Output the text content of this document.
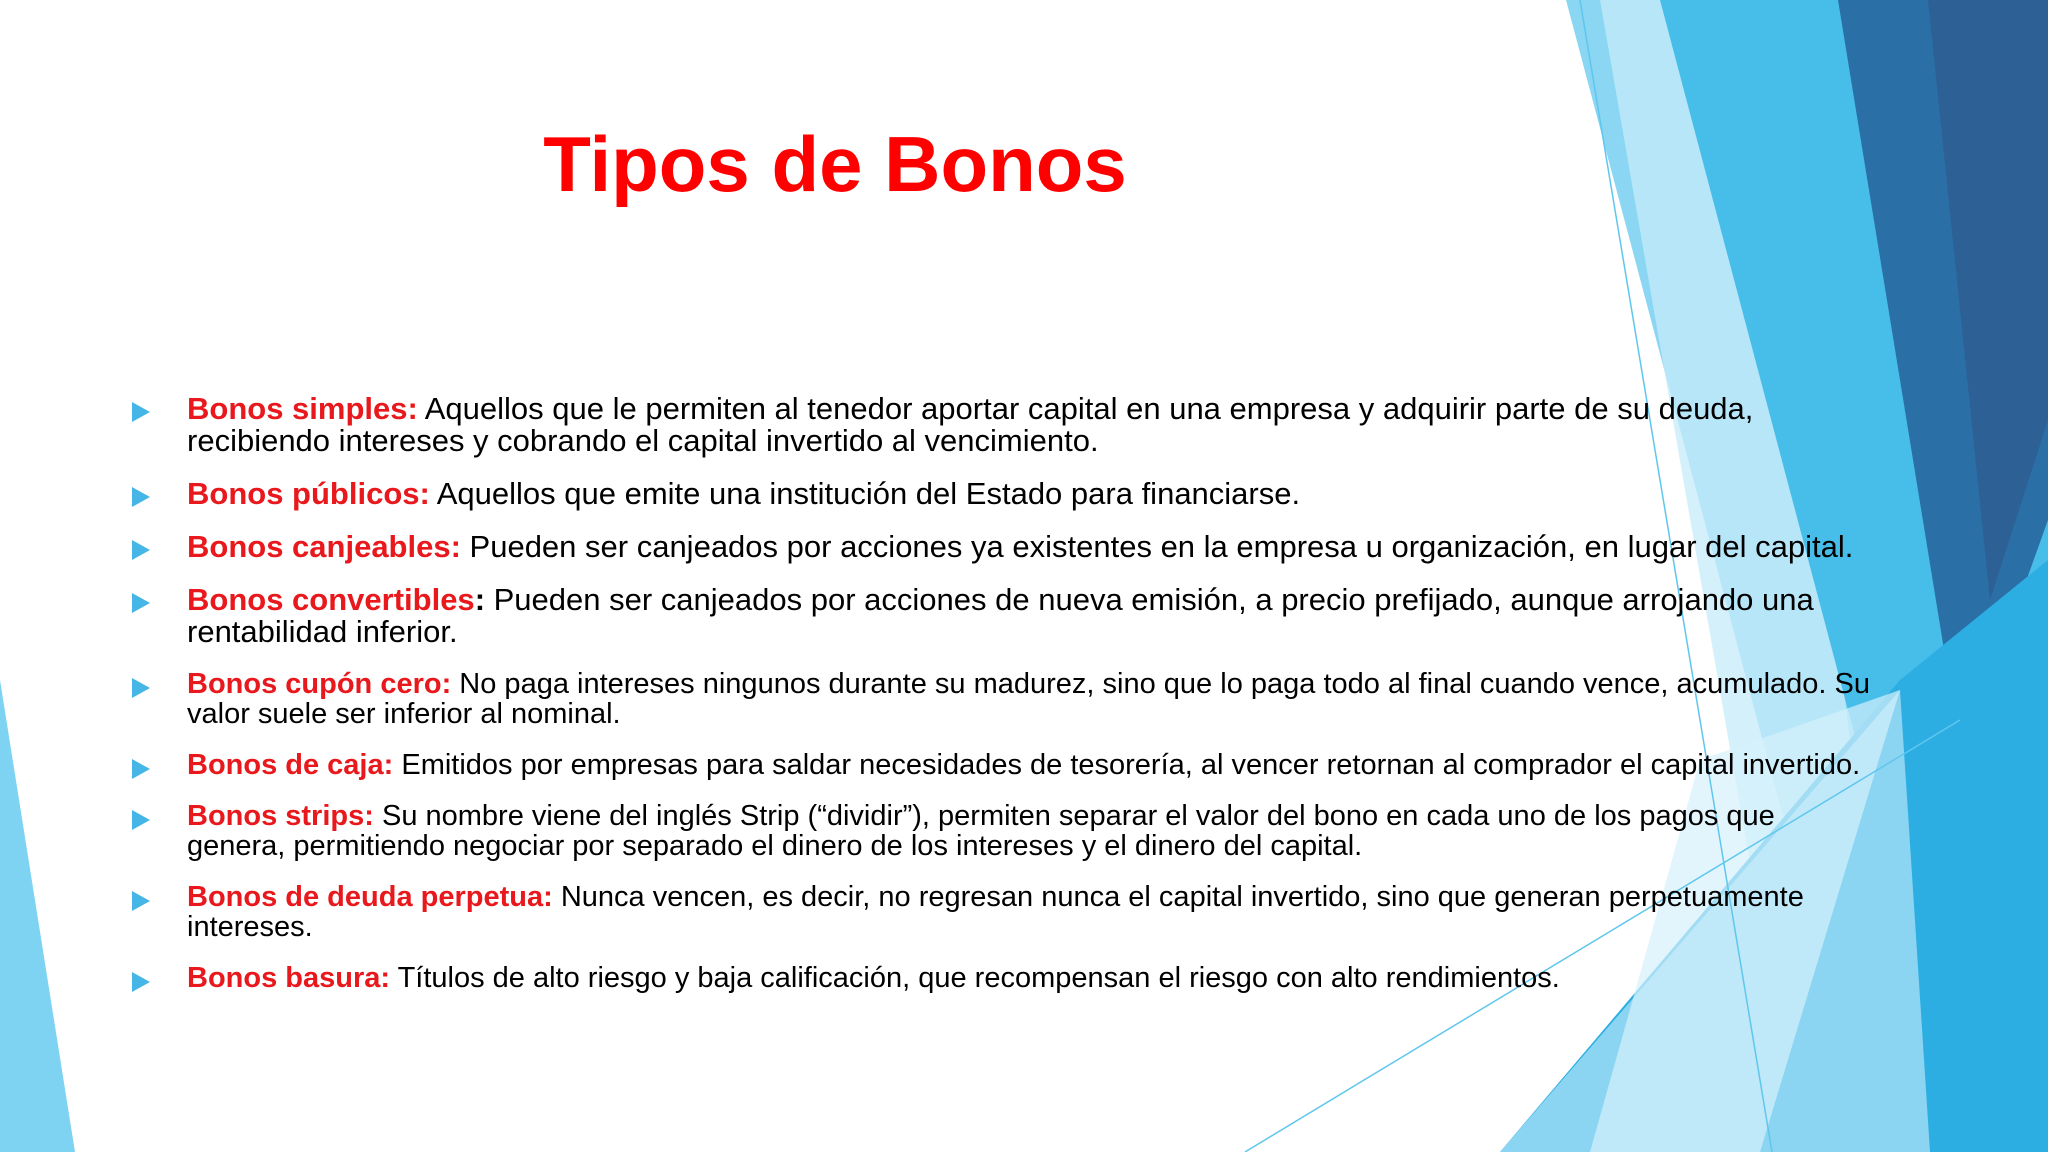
Tipos de Bonos
Bonos simples: Aquellos que le permiten al tenedor aportar capital en una empresa y adquirir parte de su deuda, recibiendo intereses y cobrando el capital invertido al vencimiento.
Bonos públicos: Aquellos que emite una institución del Estado para financiarse.
Bonos canjeables: Pueden ser canjeados por acciones ya existentes en la empresa u organización, en lugar del capital.
Bonos convertibles: Pueden ser canjeados por acciones de nueva emisión, a precio prefijado, aunque arrojando una rentabilidad inferior.
Bonos cupón cero: No paga intereses ningunos durante su madurez, sino que lo paga todo al final cuando vence, acumulado. Su valor suele ser inferior al nominal.
Bonos de caja: Emitidos por empresas para saldar necesidades de tesorería, al vencer retornan al comprador el capital invertido.
Bonos strips: Su nombre viene del inglés Strip (“dividir”), permiten separar el valor del bono en cada uno de los pagos que genera, permitiendo negociar por separado el dinero de los intereses y el dinero del capital.
Bonos de deuda perpetua: Nunca vencen, es decir, no regresan nunca el capital invertido, sino que generan perpetuamente intereses.
Bonos basura: Títulos de alto riesgo y baja calificación, que recompensan el riesgo con alto rendimientos.
